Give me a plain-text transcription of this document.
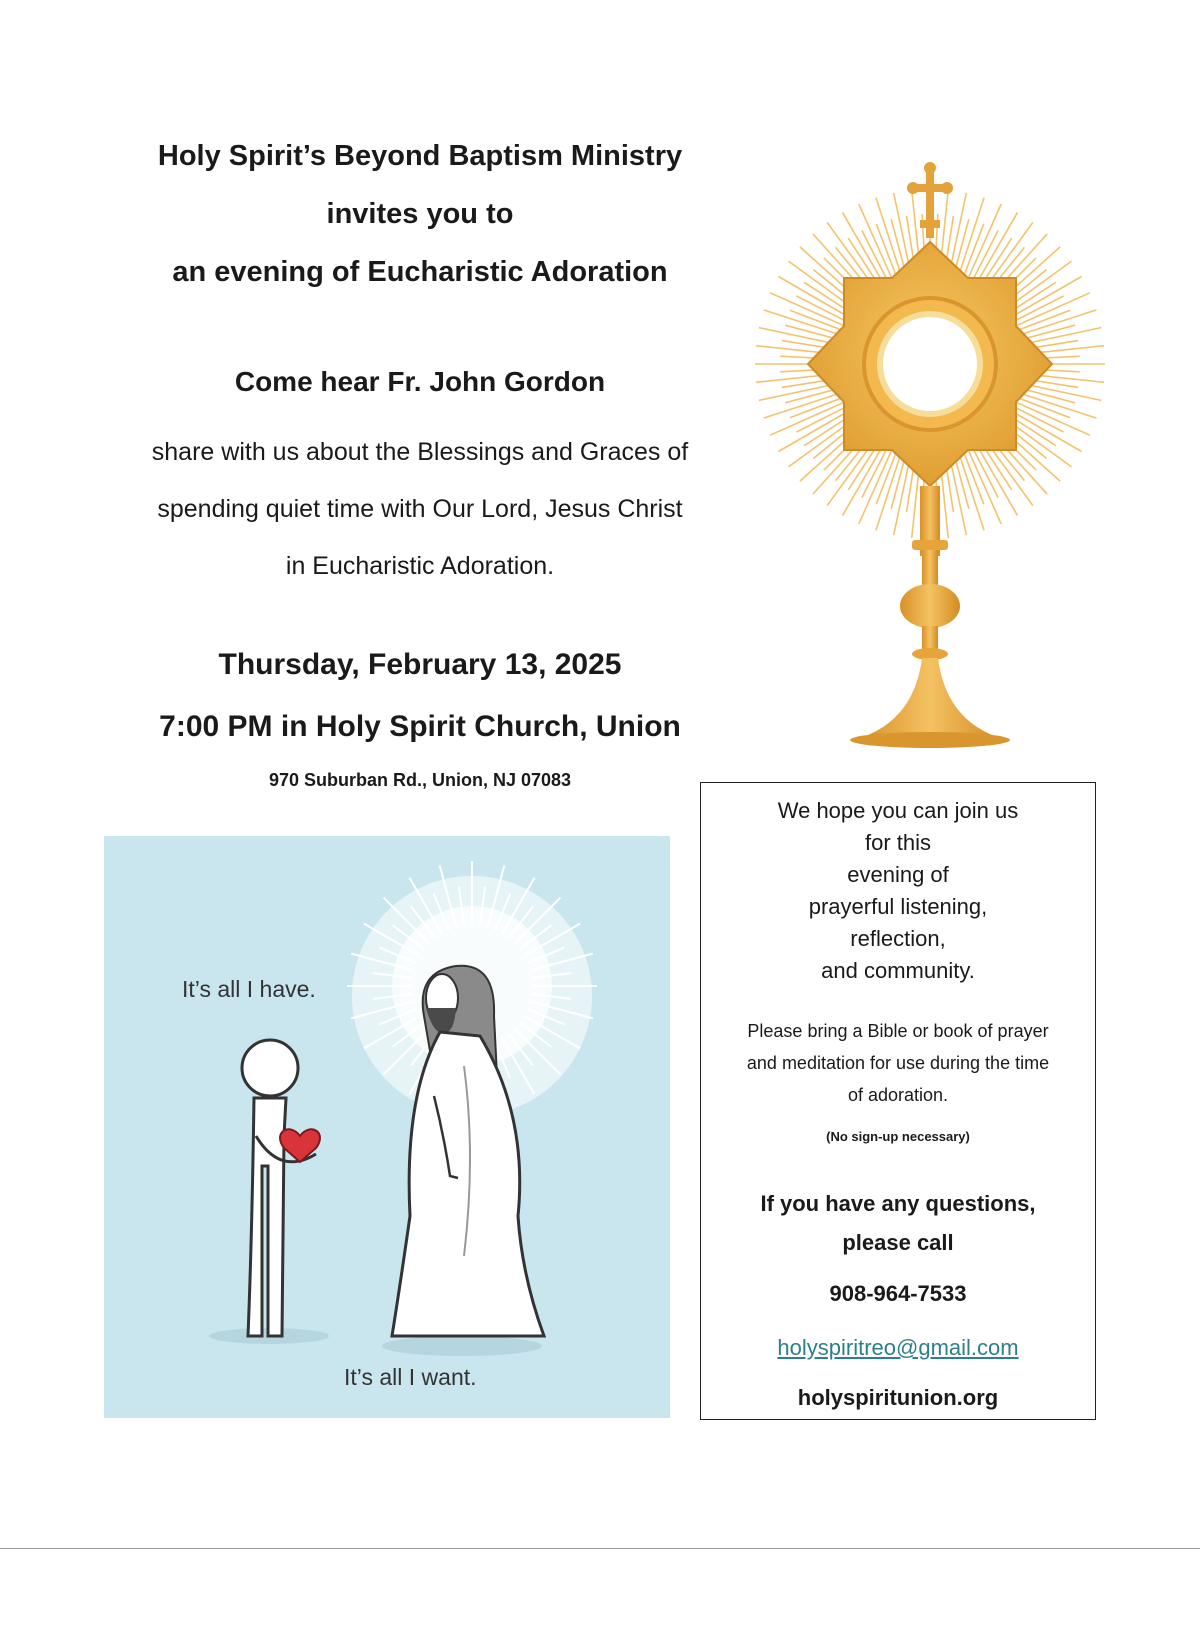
Holy Spirit’s Beyond Baptism Ministry
invites you to
an evening of Eucharistic Adoration
Come hear Fr. John Gordon
share with us about the Blessings and Graces of
spending quiet time with Our Lord, Jesus Christ
in Eucharistic Adoration.
Thursday, February 13, 2025
7:00 PM in Holy Spirit Church, Union
970 Suburban Rd., Union, NJ 07083
It’s all I have.
It’s all I want.
We hope you can join us
for this
evening of
prayerful listening,
reflection,
and community.
Please bring a Bible or book of prayer
and meditation for use during the time
of adoration.
(No sign-up necessary)
If you have any questions,
please call
908-964-7533
holyspiritreo@gmail.com
holyspiritunion.org
